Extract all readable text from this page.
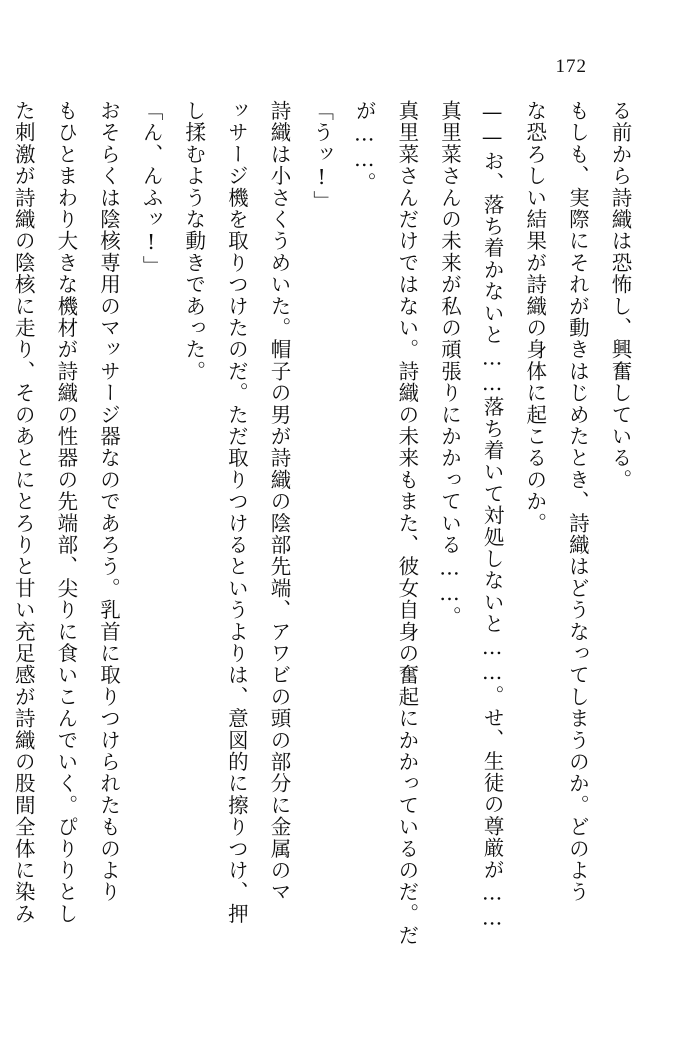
172

る前から詩織は恐怖し、興奮している。

もしも、実際にそれが動きはじめたとき、詩織はどうなってしまうのか。どのよう

な恐ろしい結果が詩織の身体に起こるのか。

——お、落ち着かないと……落ち着いて対処しないと……。せ、生徒の尊厳が……

真里菜さんの未来が私の頑張りにかかっている……。

真里菜さんだけではない。詩織の未来もまた、彼女自身の奮起にかかっているのだ。だ

が……。

「うッ!」

詩織は小さくうめいた。帽子の男が詩織の陰部先端、アワビの頭の部分に金属のマ

ッサージ機を取りつけたのだ。ただ取りつけるというよりは、意図的に擦りつけ、押

し揉むような動きであった。

「ん、んふッ!」

おそらくは陰核専用のマッサージ器なのであろう。乳首に取りつけられたものより

もひとまわり大きな機材が詩織の性器の先端部、尖りに食いこんでいく。ぴりりとし

た刺激が詩織の陰核に走り、そのあとにとろりと甘い充足感が詩織の股間全体に染み
